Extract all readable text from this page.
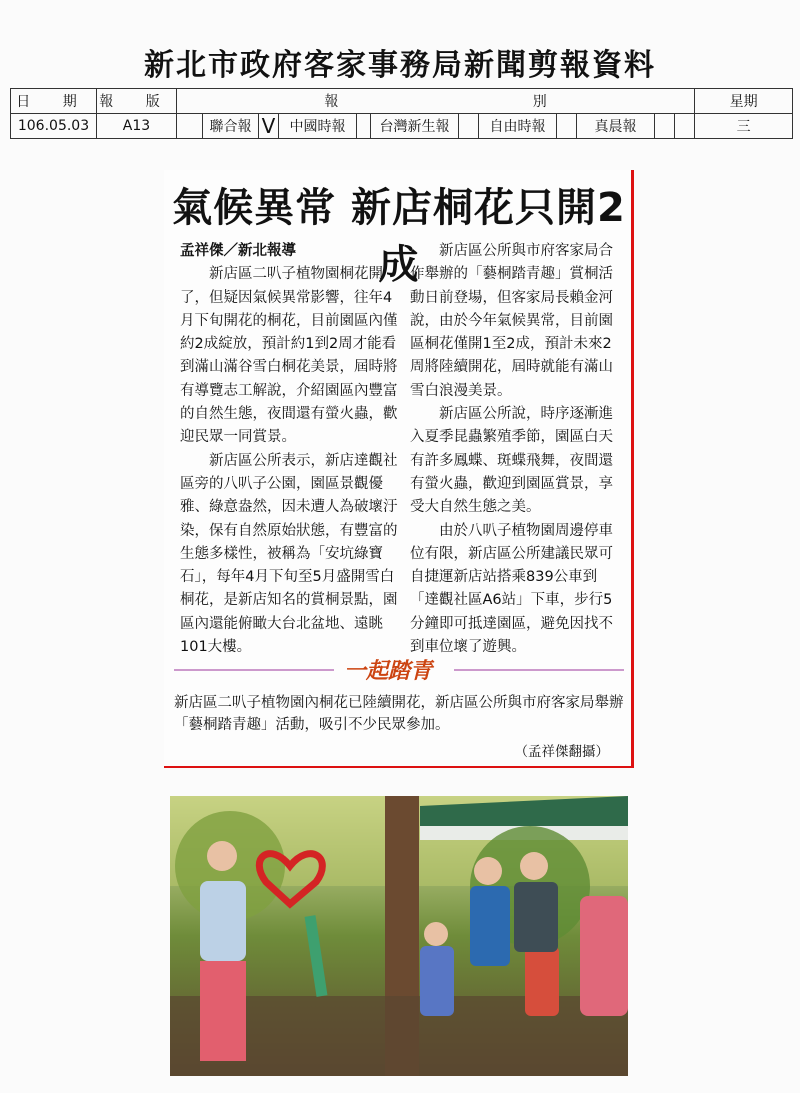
新北市政府客家事務局新聞剪報資料
日 期	報 版	報 別												星期
106.05.03	A13		聯合報	V	中國時報		台灣新生報		自由時報		真晨報			三
氣候異常 新店桐花只開2成

孟祥傑／新北報導

新店區二叭子植物園桐花開了，但疑因氣候異常影響，往年4月下旬開花的桐花，目前園區內僅約2成綻放，預計約1到2周才能看到滿山滿谷雪白桐花美景，屆時將有導覽志工解說，介紹園區內豐富的自然生態，夜間還有螢火蟲，歡迎民眾一同賞景。

新店區公所表示，新店達觀社區旁的八叭子公園，園區景觀優雅、綠意盎然，因未遭人為破壞汙染，保有自然原始狀態，有豐富的生態多樣性，被稱為「安坑綠寶石」，每年4月下旬至5月盛開雪白桐花，是新店知名的賞桐景點，園區內還能俯瞰大台北盆地、遠眺101大樓。

新店區公所與市府客家局合作舉辦的「藝桐踏青趣」賞桐活動日前登場，但客家局長賴金河說，由於今年氣候異常，目前園區桐花僅開1至2成，預計未來2周將陸續開花，屆時就能有滿山雪白浪漫美景。

新店區公所說，時序逐漸進入夏季昆蟲繁殖季節，園區白天有許多鳳蝶、斑蝶飛舞，夜間還有螢火蟲，歡迎到園區賞景，享受大自然生態之美。

由於八叭子植物園周邊停車位有限，新店區公所建議民眾可自捷運新店站搭乘839公車到「達觀社區A6站」下車，步行5分鐘即可抵達園區，避免因找不到車位壞了遊興。

一起踏青
新店區二叭子植物園內桐花已陸續開花，新店區公所與市府客家局舉辦「藝桐踏青趣」活動，吸引不少民眾參加。
（孟祥傑翻攝）
